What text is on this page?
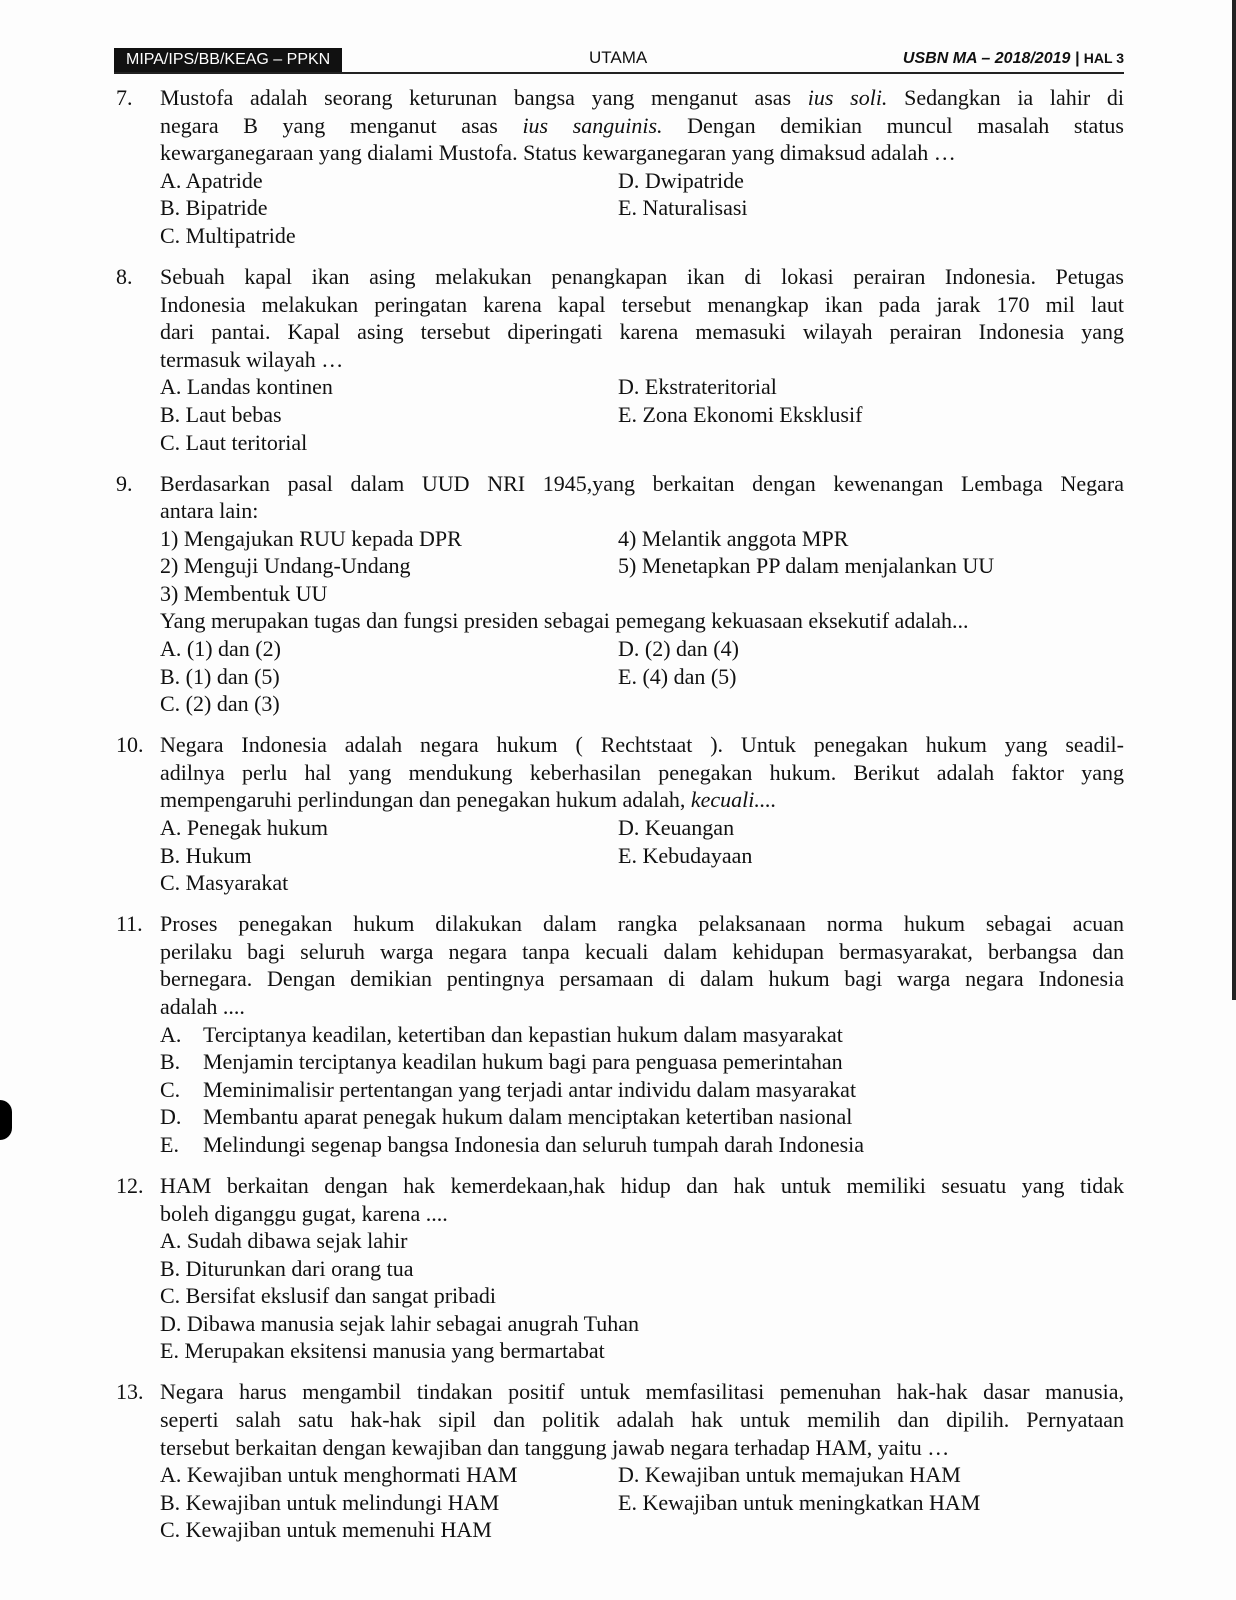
MIPA/IPS/BB/KEAG – PPKN	UTAMA	USBN MA – 2018/2019 | HAL 3
7. Mustofa adalah seorang keturunan bangsa yang menganut asas ius soli. Sedangkan ia lahir di
negara B yang menganut asas ius sanguinis. Dengan demikian muncul masalah status
kewarganegaraan yang dialami Mustofa. Status kewarganegaran yang dimaksud adalah …
A. Apatride	D. Dwipatride
B. Bipatride	E. Naturalisasi
C. Multipatride
8. Sebuah kapal ikan asing melakukan penangkapan ikan di lokasi perairan Indonesia. Petugas
Indonesia melakukan peringatan karena kapal tersebut menangkap ikan pada jarak 170 mil laut
dari pantai. Kapal asing tersebut diperingati karena memasuki wilayah perairan Indonesia yang
termasuk wilayah …
A. Landas kontinen	D. Ekstrateritorial
B. Laut bebas	E. Zona Ekonomi Eksklusif
C. Laut teritorial
9. Berdasarkan pasal dalam UUD NRI 1945,yang berkaitan dengan kewenangan Lembaga Negara
antara lain:
1) Mengajukan RUU kepada DPR	4) Melantik anggota MPR
2) Menguji Undang-Undang	5) Menetapkan PP dalam menjalankan UU
3) Membentuk UU
Yang merupakan tugas dan fungsi presiden sebagai pemegang kekuasaan eksekutif adalah...
A. (1) dan (2)	D. (2) dan (4)
B. (1) dan (5)	E. (4) dan (5)
C. (2) dan (3)
10. Negara Indonesia adalah negara hukum ( Rechtstaat ). Untuk penegakan hukum yang seadil-
adilnya perlu hal yang mendukung keberhasilan penegakan hukum. Berikut adalah faktor yang
mempengaruhi perlindungan dan penegakan hukum adalah, kecuali....
A. Penegak hukum	D. Keuangan
B. Hukum	E. Kebudayaan
C. Masyarakat
11. Proses penegakan hukum dilakukan dalam rangka pelaksanaan norma hukum sebagai acuan
perilaku bagi seluruh warga negara tanpa kecuali dalam kehidupan bermasyarakat, berbangsa dan
bernegara. Dengan demikian pentingnya persamaan di dalam hukum bagi warga negara Indonesia
adalah ....
A. Terciptanya keadilan, ketertiban dan kepastian hukum dalam masyarakat
B.	Menjamin terciptanya keadilan hukum bagi para penguasa pemerintahan
C.	Meminimalisir pertentangan yang terjadi antar individu dalam masyarakat
D. Membantu aparat penegak hukum dalam menciptakan ketertiban nasional
E.	Melindungi segenap bangsa Indonesia dan seluruh tumpah darah Indonesia
12. HAM berkaitan dengan hak kemerdekaan,hak hidup dan hak untuk memiliki sesuatu yang tidak
boleh diganggu gugat, karena ....
A. Sudah dibawa sejak lahir
B. Diturunkan dari orang tua
C. Bersifat ekslusif dan sangat pribadi
D. Dibawa manusia sejak lahir sebagai anugrah Tuhan
E. Merupakan eksitensi manusia yang bermartabat
13. Negara harus mengambil tindakan positif untuk memfasilitasi pemenuhan hak-hak dasar manusia,
seperti salah satu hak-hak sipil dan politik adalah hak untuk memilih dan dipilih. Pernyataan
tersebut berkaitan dengan kewajiban dan tanggung jawab negara terhadap HAM, yaitu …
A. Kewajiban untuk menghormati HAM	D. Kewajiban untuk memajukan HAM
B. Kewajiban untuk melindungi HAM	E. Kewajiban untuk meningkatkan HAM
C. Kewajiban untuk memenuhi HAM
